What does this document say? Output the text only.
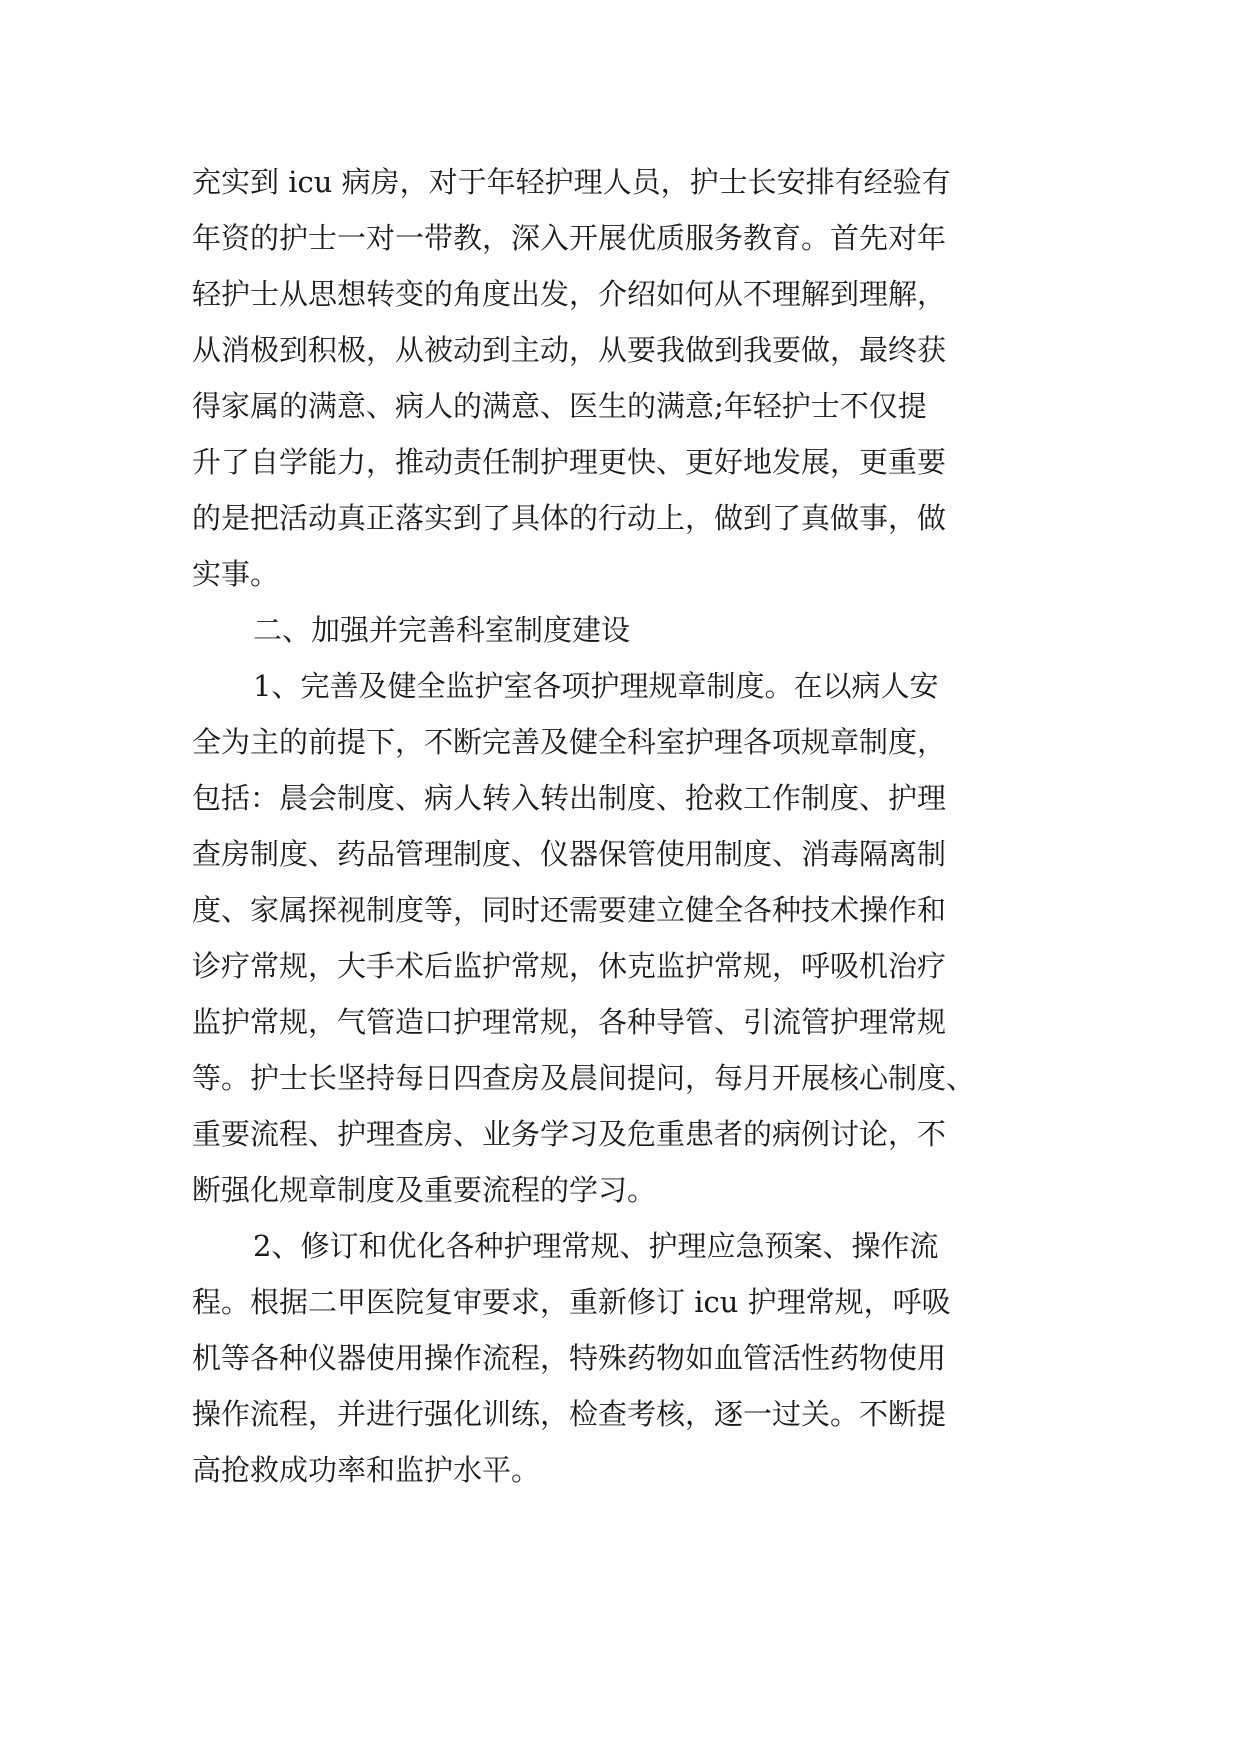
充实到 icu 病房，对于年轻护理人员，护士长安排有经验有
年资的护士一对一带教，深入开展优质服务教育。首先对年
轻护士从思想转变的角度出发，介绍如何从不理解到理解，
从消极到积极，从被动到主动，从要我做到我要做，最终获
得家属的满意、病人的满意、医生的满意;年轻护士不仅提
升了自学能力，推动责任制护理更快、更好地发展，更重要
的是把活动真正落实到了具体的行动上，做到了真做事，做
实事。
二、加强并完善科室制度建设
1、完善及健全监护室各项护理规章制度。在以病人安
全为主的前提下，不断完善及健全科室护理各项规章制度，
包括：晨会制度、病人转入转出制度、抢救工作制度、护理
查房制度、药品管理制度、仪器保管使用制度、消毒隔离制
度、家属探视制度等，同时还需要建立健全各种技术操作和
诊疗常规，大手术后监护常规，休克监护常规，呼吸机治疗
监护常规，气管造口护理常规，各种导管、引流管护理常规
等。护士长坚持每日四查房及晨间提问，每月开展核心制度、
重要流程、护理查房、业务学习及危重患者的病例讨论，不
断强化规章制度及重要流程的学习。
2、修订和优化各种护理常规、护理应急预案、操作流
程。根据二甲医院复审要求，重新修订 icu 护理常规，呼吸
机等各种仪器使用操作流程，特殊药物如血管活性药物使用
操作流程，并进行强化训练，检查考核，逐一过关。不断提
高抢救成功率和监护水平。
